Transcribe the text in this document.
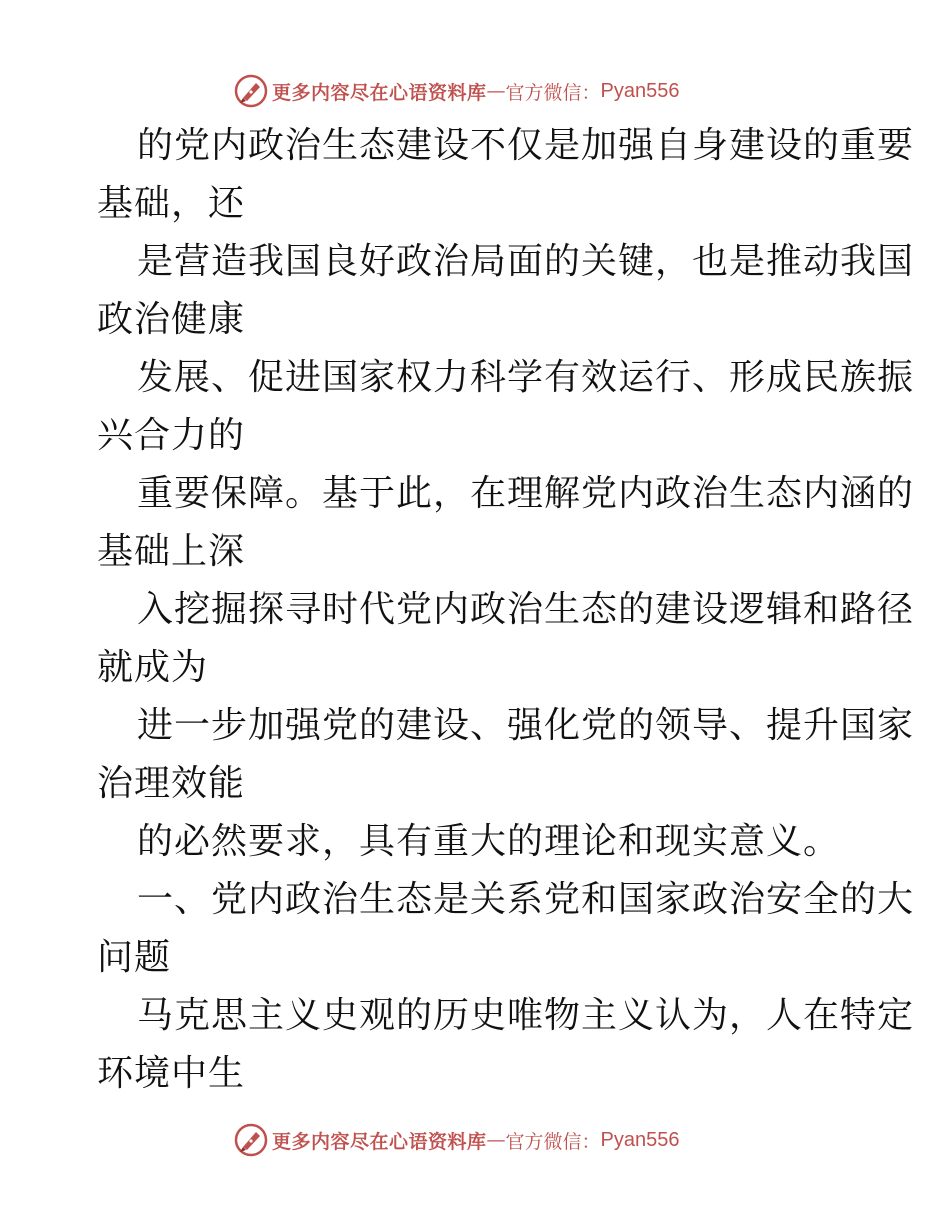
更多内容尽在心语资料库 — 官方微信： Pyan556
的党内政治生态建设不仅是加强自身建设的重要
基础，还
是营造我国良好政治局面的关键，也是推动我国
政治健康
发展、促进国家权力科学有效运行、形成民族振
兴合力的
重要保障。基于此，在理解党内政治生态内涵的
基础上深
入挖掘探寻时代党内政治生态的建设逻辑和路径
就成为
进一步加强党的建设、强化党的领导、提升国家
治理效能
的必然要求，具有重大的理论和现实意义。
一、党内政治生态是关系党和国家政治安全的大
问题
马克思主义史观的历史唯物主义认为，人在特定
环境中生
更多内容尽在心语资料库 — 官方微信： Pyan556
